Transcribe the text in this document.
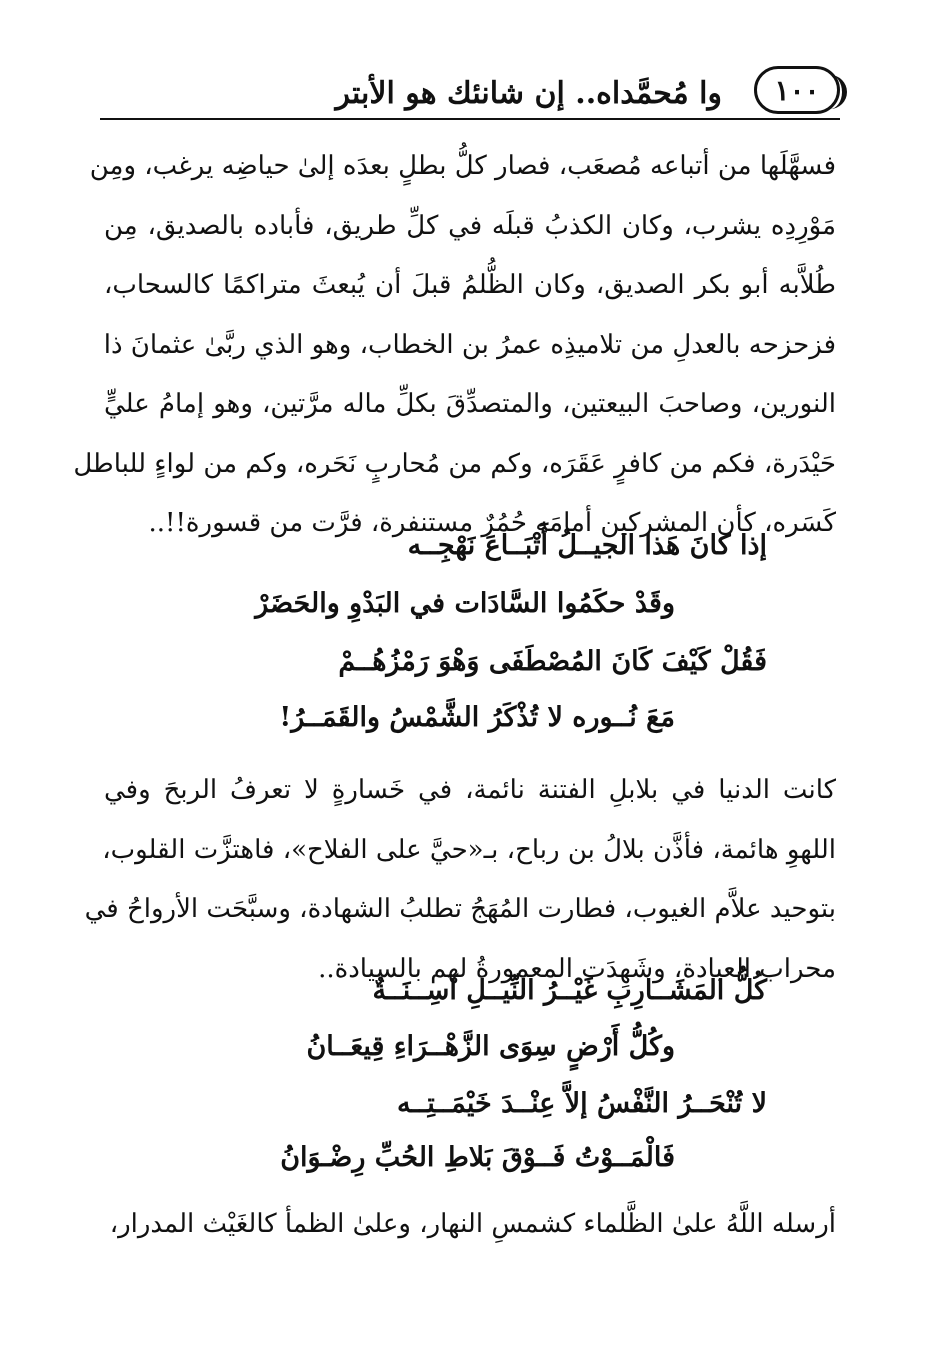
١٠٠
وا مُحمَّداه.. إن شانئك هو الأبتر
فسهَّلَها من أتباعه مُصعَب، فصار كلُّ بطلٍ بعدَه إلىٰ حياضِه يرغب، ومِن
مَوْرِدِه يشرب، وكان الكذبُ قبلَه في كلِّ طريق، فأباده بالصديق، مِن
طُلاَّبه أبو بكر الصديق، وكان الظُّلمُ قبلَ أن يُبعثَ متراكمًا كالسحاب،
فزحزحه بالعدلِ من تلاميذِه عمرُ بن الخطاب، وهو الذي ربَّىٰ عثمانَ ذا
النورين، وصاحبَ البيعتين، والمتصدِّقَ بكلِّ ماله مرَّتين، وهو إمامُ عليٍّ
حَيْدَرة، فكم من كافرٍ عَقَرَه، وكم من مُحاربٍ نَحَره، وكم من لواءٍ للباطل
كَسَره، كأن المشركين أمامَه حُمُرٌ مستنفرة، فرَّت من قسورة!!..

إذا كانَ هَذا الجيــلُ أَتْبَــاعَ نَهْجِــه

وقَدْ حكَمُوا السَّادَات في البَدْوِ والحَضَرْ

فَقُلْ كَيْفَ كَانَ المُصْطَفَى وَهْوَ رَمْزُهُــمْ

مَعَ نُــوره لا تُذْكَرُ الشَّمْسُ والقَمَــرُ!

كانت الدنيا في بلابلِ الفتنة نائمة، في خَسارةٍ لا تعرفُ الربحَ وفي
اللهوِ هائمة، فأذَّن بلالُ بن رباح، بـ«حيَّ على الفلاح»، فاهتزَّت القلوب،
بتوحيد علاَّم الغيوب، فطارت المُهَجُ تطلبُ الشهادة، وسبَّحَت الأرواحُ في
محراب العبادة، وشَهِدَت المعمورةُ لهم بالسيادة..

كُلُّ المَشَــارِبِ غَيْــرُ النِّيــلِ آسِــنَــةٌ

وكُلُّ أَرْضٍ سِوَى الزَّهْــرَاءِ قِيعَــانُ

لا تُنْحَــرُ النَّفْسُ إلاَّ عِنْــدَ خَيْمَــتِــه

فَالْمَــوْتُ فَــوْقَ بَلاطِ الحُبِّ رِضْـوَانُ

أرسله اللَّهُ علىٰ الظَّلماء كشمسِ النهار، وعلىٰ الظمأ كالغَيْث المدرار،
